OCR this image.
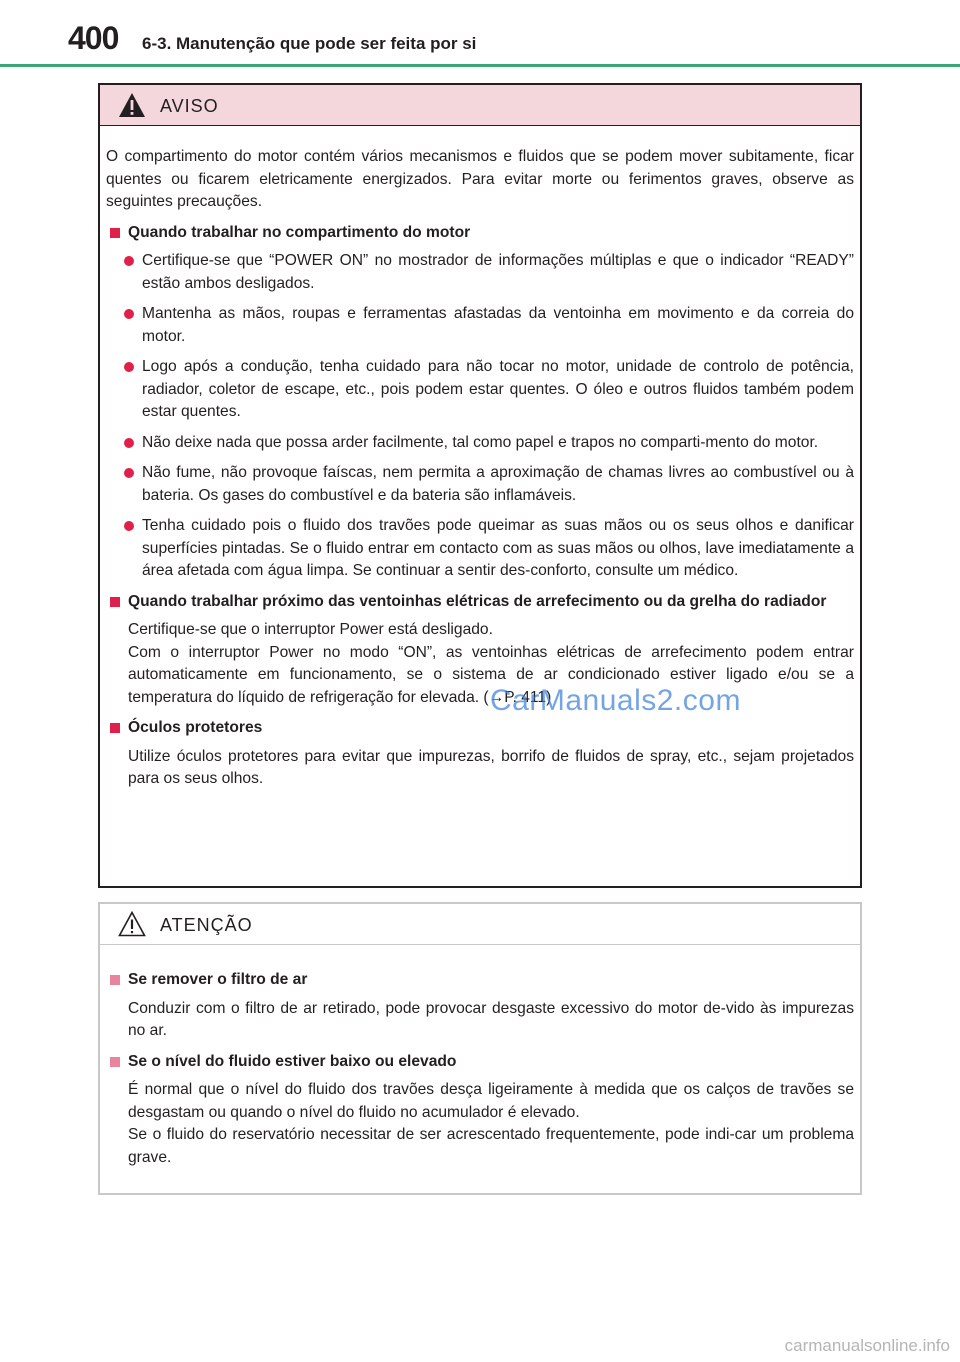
400 6-3. Manutenção que pode ser feita por si
AVISO

O compartimento do motor contém vários mecanismos e fluidos que se podem mover subitamente, ficar quentes ou ficarem eletricamente energizados. Para evitar morte ou ferimentos graves, observe as seguintes precauções.

Quando trabalhar no compartimento do motor
Certifique-se que “POWER ON” no mostrador de informações múltiplas e que o indicador “READY” estão ambos desligados.
Mantenha as mãos, roupas e ferramentas afastadas da ventoinha em movimento e da correia do motor.
Logo após a condução, tenha cuidado para não tocar no motor, unidade de controlo de potência, radiador, coletor de escape, etc., pois podem estar quentes. O óleo e outros fluidos também podem estar quentes.
Não deixe nada que possa arder facilmente, tal como papel e trapos no comparti-mento do motor.
Não fume, não provoque faíscas, nem permita a aproximação de chamas livres ao combustível ou à bateria. Os gases do combustível e da bateria são inflamáveis.
Tenha cuidado pois o fluido dos travões pode queimar as suas mãos ou os seus olhos e danificar superfícies pintadas. Se o fluido entrar em contacto com as suas mãos ou olhos, lave imediatamente a área afetada com água limpa. Se continuar a sentir des-conforto, consulte um médico.
Quando trabalhar próximo das ventoinhas elétricas de arrefecimento ou da grelha do radiador

Certifique-se que o interruptor Power está desligado.

Com o interruptor Power no modo “ON”, as ventoinhas elétricas de arrefecimento podem entrar automaticamente em funcionamento, se o sistema de ar condicionado estiver ligado e/ou se a temperatura do líquido de refrigeração for elevada. (→P. 411)

Óculos protetores

Utilize óculos protetores para evitar que impurezas, borrifo de fluidos de spray, etc., sejam projetados para os seus olhos.

ATENÇÃO
Se remover o filtro de ar

Conduzir com o filtro de ar retirado, pode provocar desgaste excessivo do motor de-vido às impurezas no ar.

Se o nível do fluido estiver baixo ou elevado

É normal que o nível do fluido dos travões desça ligeiramente à medida que os calços de travões se desgastam ou quando o nível do fluido no acumulador é elevado.

Se o fluido do reservatório necessitar de ser acrescentado frequentemente, pode indi-car um problema grave.

CarManuals2.com
carmanualsonline.info
